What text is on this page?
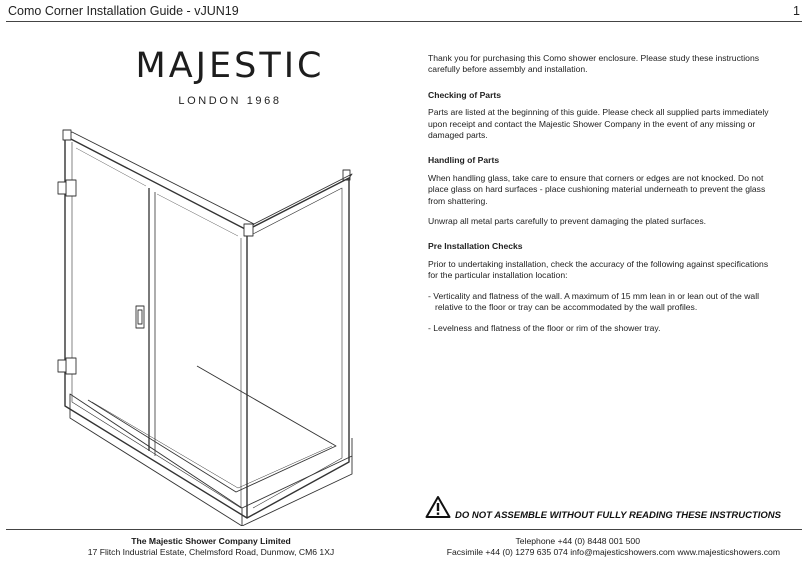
Como Corner Installation Guide - vJUN19	1
MAJESTIC
LONDON 1968

Thank you for purchasing this Como shower enclosure. Please study these instructions carefully before assembly and installation.

Checking of Parts

Parts are listed at the beginning of this guide. Please check all supplied parts immediately upon receipt and contact the Majestic Shower Company in the event of any missing or damaged parts.

Handling of Parts

When handling glass, take care to ensure that corners or edges are not knocked. Do not place glass on hard surfaces - place cushioning material underneath to prevent the glass from shattering.

Unwrap all metal parts carefully to prevent damaging the plated surfaces.

Pre Installation Checks

Prior to undertaking installation, check the accuracy of the following against specifications for the particular installation location:

- Verticality and flatness of the wall. A maximum of 15 mm lean in or lean out of the wall relative to the floor or tray can be accommodated by the wall profiles.

- Levelness and flatness of the floor or rim of the shower tray.

DO NOT ASSEMBLE WITHOUT FULLY READING THESE INSTRUCTIONS
The Majestic Shower Company Limited
17 Flitch Industrial Estate, Chelmsford Road, Dunmow, CM6 1XJ
Telephone +44 (0) 8448 001 500
Facsimile +44 (0) 1279 635 074 info@majesticshowers.com www.majesticshowers.com
